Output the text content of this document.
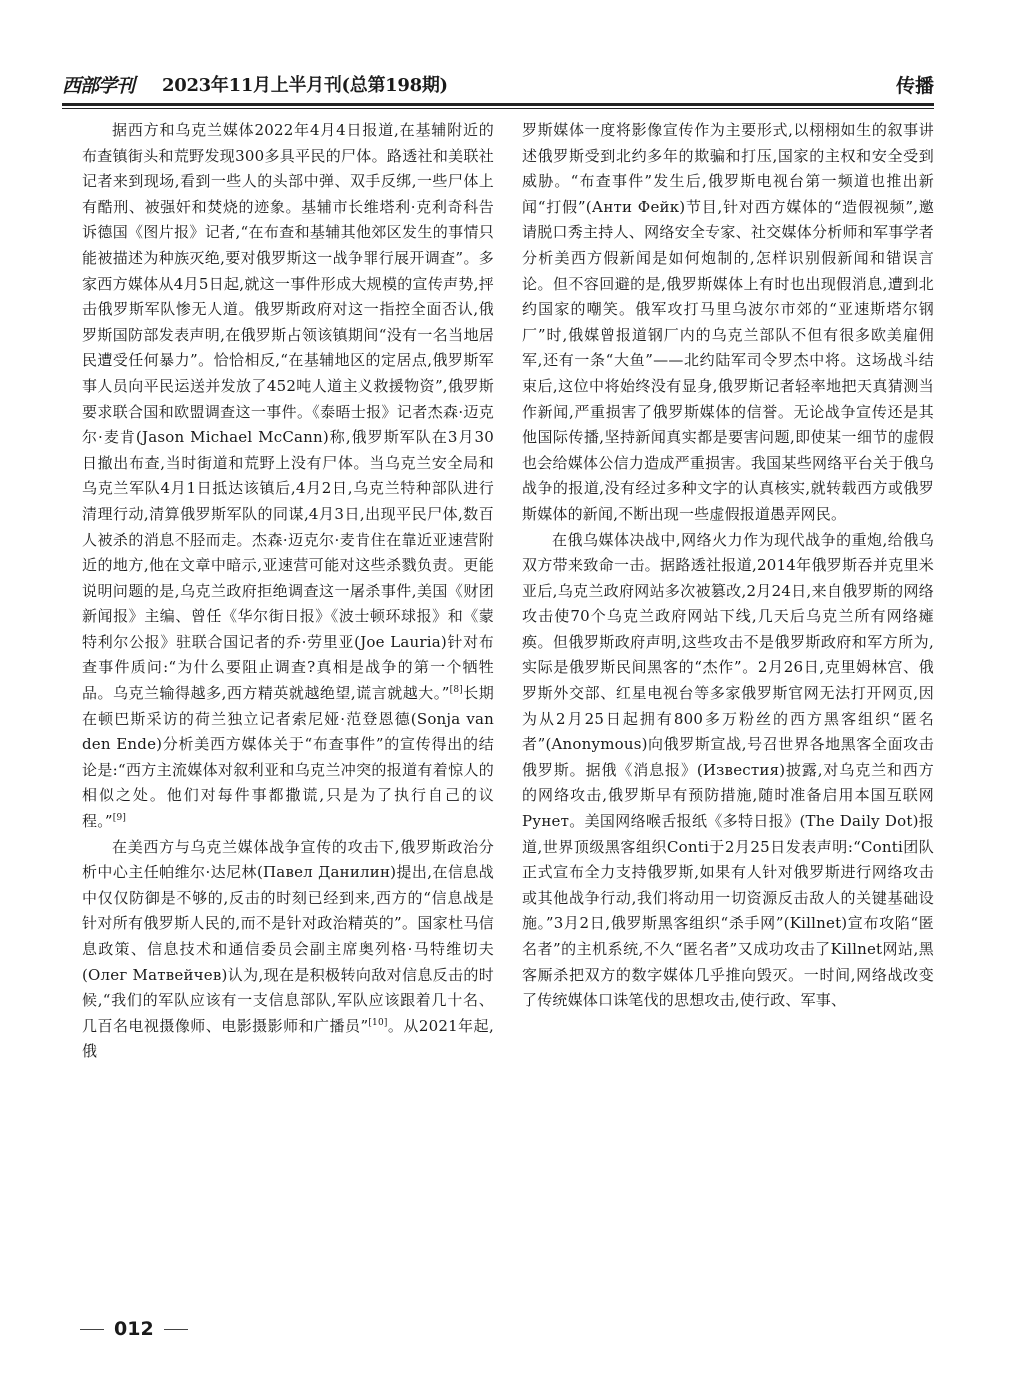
西部学刊 2023年11月上半月刊(总第198期)	传播

据西方和乌克兰媒体2022年4月4日报道,在基辅附近的布查镇街头和荒野发现300多具平民的尸体。路透社和美联社记者来到现场,看到一些人的头部中弹、双手反绑,一些尸体上有酷刑、被强奸和焚烧的迹象。基辅市长维塔利·克利奇科告诉德国《图片报》记者,“在布查和基辅其他郊区发生的事情只能被描述为种族灭绝,要对俄罗斯这一战争罪行展开调查”。多家西方媒体从4月5日起,就这一事件形成大规模的宣传声势,抨击俄罗斯军队惨无人道。俄罗斯政府对这一指控全面否认,俄罗斯国防部发表声明,在俄罗斯占领该镇期间“没有一名当地居民遭受任何暴力”。恰恰相反,“在基辅地区的定居点,俄罗斯军事人员向平民运送并发放了452吨人道主义救援物资”,俄罗斯要求联合国和欧盟调查这一事件。《泰晤士报》记者杰森·迈克尔·麦肯(Jason Michael McCann)称,俄罗斯军队在3月30日撤出布查,当时街道和荒野上没有尸体。当乌克兰安全局和乌克兰军队4月1日抵达该镇后,4月2日,乌克兰特种部队进行清理行动,清算俄罗斯军队的同谋,4月3日,出现平民尸体,数百人被杀的消息不胫而走。杰森·迈克尔·麦肯住在靠近亚速营附近的地方,他在文章中暗示,亚速营可能对这些杀戮负责。更能说明问题的是,乌克兰政府拒绝调查这一屠杀事件,美国《财团新闻报》主编、曾任《华尔街日报》《波士顿环球报》和《蒙特利尔公报》驻联合国记者的乔·劳里亚(Joe Lauria)针对布查事件质问:“为什么要阻止调查?真相是战争的第一个牺牲品。乌克兰输得越多,西方精英就越绝望,谎言就越大。”[8]长期在顿巴斯采访的荷兰独立记者索尼娅·范登恩德(Sonja van den Ende)分析美西方媒体关于“布查事件”的宣传得出的结论是:“西方主流媒体对叙利亚和乌克兰冲突的报道有着惊人的相似之处。他们对每件事都撒谎,只是为了执行自己的议程。”[9]

在美西方与乌克兰媒体战争宣传的攻击下,俄罗斯政治分析中心主任帕维尔·达尼林(Павел Данилин)提出,在信息战中仅仅防御是不够的,反击的时刻已经到来,西方的“信息战是针对所有俄罗斯人民的,而不是针对政治精英的”。国家杜马信息政策、信息技术和通信委员会副主席奥列格·马特维切夫(Олег Матвейчев)认为,现在是积极转向敌对信息反击的时候,“我们的军队应该有一支信息部队,军队应该跟着几十名、几百名电视摄像师、电影摄影师和广播员”[10]。从2021年起,俄

罗斯媒体一度将影像宣传作为主要形式,以栩栩如生的叙事讲述俄罗斯受到北约多年的欺骗和打压,国家的主权和安全受到威胁。“布查事件”发生后,俄罗斯电视台第一频道也推出新闻“打假”(Анти Фейк)节目,针对西方媒体的“造假视频”,邀请脱口秀主持人、网络安全专家、社交媒体分析师和军事学者分析美西方假新闻是如何炮制的,怎样识别假新闻和错误言论。但不容回避的是,俄罗斯媒体上有时也出现假消息,遭到北约国家的嘲笑。俄军攻打马里乌波尔市郊的“亚速斯塔尔钢厂”时,俄媒曾报道钢厂内的乌克兰部队不但有很多欧美雇佣军,还有一条“大鱼”——北约陆军司令罗杰中将。这场战斗结束后,这位中将始终没有显身,俄罗斯记者轻率地把天真猜测当作新闻,严重损害了俄罗斯媒体的信誉。无论战争宣传还是其他国际传播,坚持新闻真实都是要害问题,即使某一细节的虚假也会给媒体公信力造成严重损害。我国某些网络平台关于俄乌战争的报道,没有经过多种文字的认真核实,就转载西方或俄罗斯媒体的新闻,不断出现一些虚假报道愚弄网民。

在俄乌媒体决战中,网络火力作为现代战争的重炮,给俄乌双方带来致命一击。据路透社报道,2014年俄罗斯吞并克里米亚后,乌克兰政府网站多次被篡改,2月24日,来自俄罗斯的网络攻击使70个乌克兰政府网站下线,几天后乌克兰所有网络瘫痪。但俄罗斯政府声明,这些攻击不是俄罗斯政府和军方所为,实际是俄罗斯民间黑客的“杰作”。2月26日,克里姆林宫、俄罗斯外交部、红星电视台等多家俄罗斯官网无法打开网页,因为从2月25日起拥有800多万粉丝的西方黑客组织“匿名者”(Anonymous)向俄罗斯宣战,号召世界各地黑客全面攻击俄罗斯。据俄《消息报》(Известия)披露,对乌克兰和西方的网络攻击,俄罗斯早有预防措施,随时准备启用本国互联网Рунет。美国网络喉舌报纸《多特日报》(The Daily Dot)报道,世界顶级黑客组织Conti于2月25日发表声明:“Conti团队正式宣布全力支持俄罗斯,如果有人针对俄罗斯进行网络攻击或其他战争行动,我们将动用一切资源反击敌人的关键基础设施。”3月2日,俄罗斯黑客组织“杀手网”(Killnet)宣布攻陷“匿名者”的主机系统,不久“匿名者”又成功攻击了Killnet网站,黑客厮杀把双方的数字媒体几乎推向毁灭。一时间,网络战改变了传统媒体口诛笔伐的思想攻击,使行政、军事、

012
